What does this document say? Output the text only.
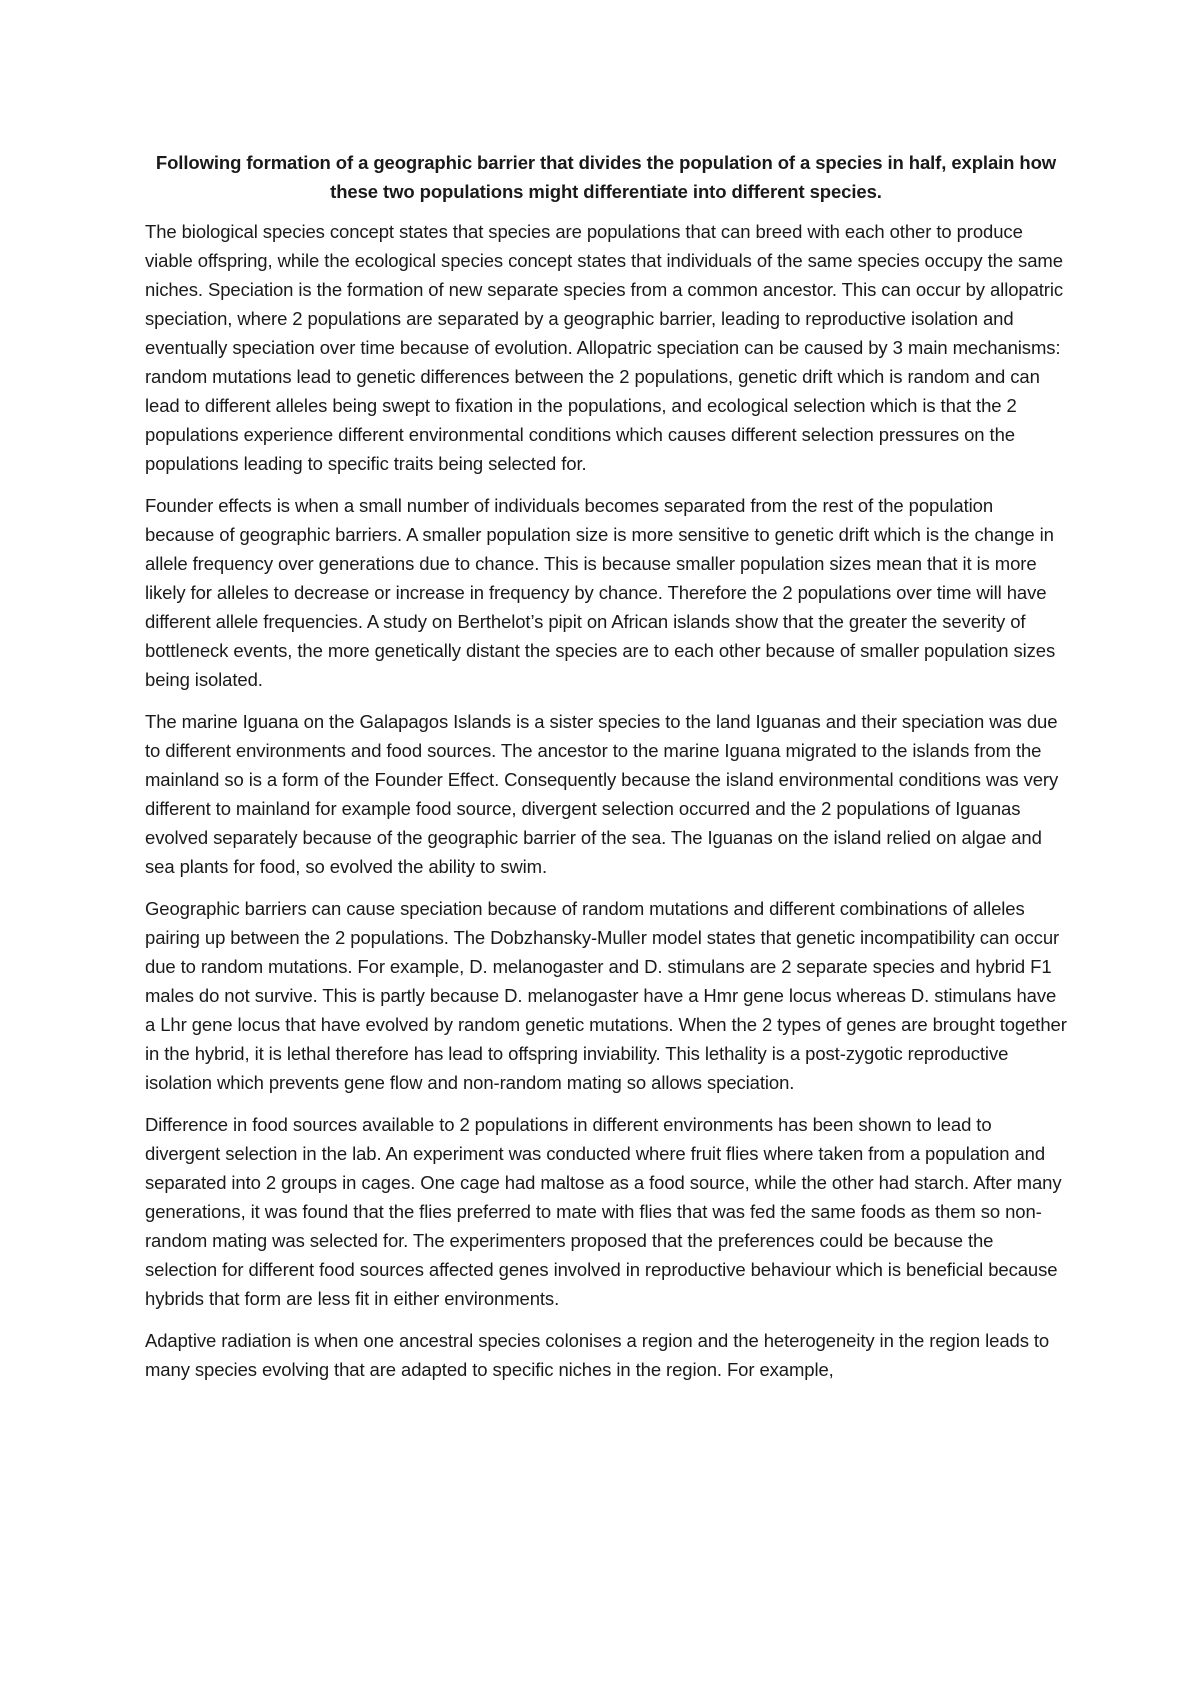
Following formation of a geographic barrier that divides the population of a species in half, explain how these two populations might differentiate into different species.

The biological species concept states that species are populations that can breed with each other to produce viable offspring, while the ecological species concept states that individuals of the same species occupy the same niches. Speciation is the formation of new separate species from a common ancestor. This can occur by allopatric speciation, where 2 populations are separated by a geographic barrier, leading to reproductive isolation and eventually speciation over time because of evolution. Allopatric speciation can be caused by 3 main mechanisms: random mutations lead to genetic differences between the 2 populations, genetic drift which is random and can lead to different alleles being swept to fixation in the populations, and ecological selection which is that the 2 populations experience different environmental conditions which causes different selection pressures on the populations leading to specific traits being selected for.

Founder effects is when a small number of individuals becomes separated from the rest of the population because of geographic barriers. A smaller population size is more sensitive to genetic drift which is the change in allele frequency over generations due to chance. This is because smaller population sizes mean that it is more likely for alleles to decrease or increase in frequency by chance. Therefore the 2 populations over time will have different allele frequencies. A study on Berthelot’s pipit on African islands show that the greater the severity of bottleneck events, the more genetically distant the species are to each other because of smaller population sizes being isolated.

The marine Iguana on the Galapagos Islands is a sister species to the land Iguanas and their speciation was due to different environments and food sources. The ancestor to the marine Iguana migrated to the islands from the mainland so is a form of the Founder Effect. Consequently because the island environmental conditions was very different to mainland for example food source, divergent selection occurred and the 2 populations of Iguanas evolved separately because of the geographic barrier of the sea. The Iguanas on the island relied on algae and sea plants for food, so evolved the ability to swim.

Geographic barriers can cause speciation because of random mutations and different combinations of alleles pairing up between the 2 populations. The Dobzhansky-Muller model states that genetic incompatibility can occur due to random mutations. For example, D. melanogaster and D. stimulans are 2 separate species and hybrid F1 males do not survive. This is partly because D. melanogaster have a Hmr gene locus whereas D. stimulans have a Lhr gene locus that have evolved by random genetic mutations. When the 2 types of genes are brought together in the hybrid, it is lethal therefore has lead to offspring inviability. This lethality is a post-zygotic reproductive isolation which prevents gene flow and non-random mating so allows speciation.

Difference in food sources available to 2 populations in different environments has been shown to lead to divergent selection in the lab. An experiment was conducted where fruit flies where taken from a population and separated into 2 groups in cages. One cage had maltose as a food source, while the other had starch. After many generations, it was found that the flies preferred to mate with flies that was fed the same foods as them so non-random mating was selected for. The experimenters proposed that the preferences could be because the selection for different food sources affected genes involved in reproductive behaviour which is beneficial because hybrids that form are less fit in either environments.

Adaptive radiation is when one ancestral species colonises a region and the heterogeneity in the region leads to many species evolving that are adapted to specific niches in the region. For example,
